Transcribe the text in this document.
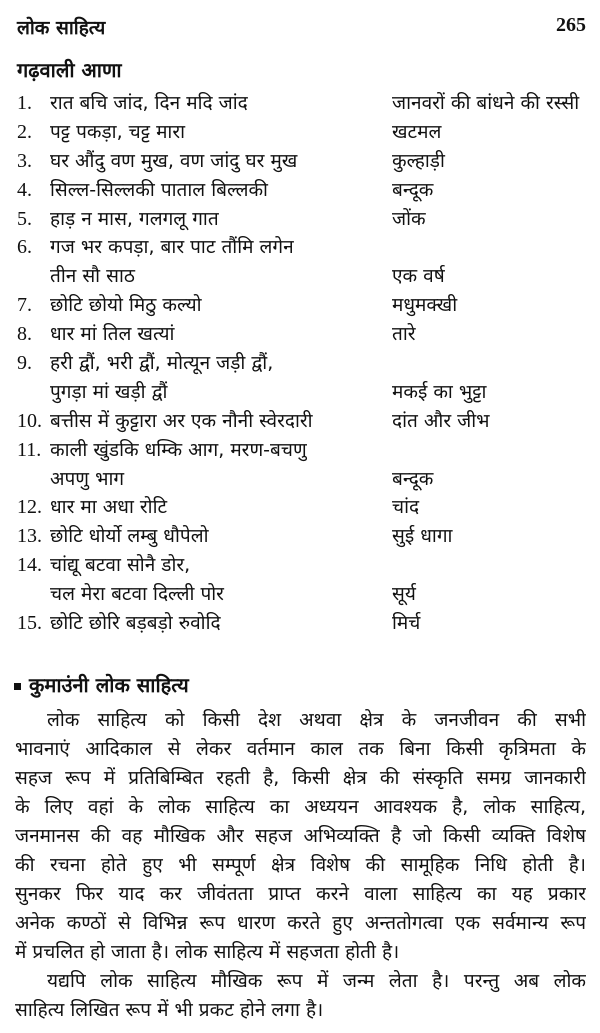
लोक साहित्य	265
गढ़वाली आणा
1. रात बचि जांद, दिन मदि जांद	जानवरों की बांधने की रस्सी
2. पट्ट पकड़ा, चट्ट मारा	खटमल
3. घर औंदु वण मुख, वण जांदु घर मुख	कुल्हाड़ी
4. सिल्ल-सिल्लकी पाताल बिल्लकी	बन्दूक
5. हाड़ न मास, गलगलू गात	जोंक
6. गज भर कपड़ा, बार पाट तौंमि लगेन
तीन सौ साठ	एक वर्ष
7. छोटि छोयो मिठु कल्यो	मधुमक्खी
8. धार मां तिल खत्यां	तारे
9. हरी द्वौं, भरी द्वौं, मोत्यून जड़ी द्वौं,
पुगड़ा मां खड़ी द्वौं	मकई का भुट्टा
10. बत्तीस में कुट्टारा अर एक नौनी स्वेरदारी	दांत और जीभ
11. काली खुंडकि धम्कि आग, मरण-बचणु
अपणु भाग	बन्दूक
12. धार मा अधा रोटि	चांद
13. छोटि धोर्यो लम्बु धौपेलो	सुई धागा
14. चांद्यू बटवा सोनै डोर,
चल मेरा बटवा दिल्ली पोर	सूर्य
15. छोटि छोरि बड़बड़ो रुवोदि	मिर्च
कुमाउंनी लोक साहित्य
लोक साहित्य को किसी देश अथवा क्षेत्र के जनजीवन की सभी
भावनाएं आदिकाल से लेकर वर्तमान काल तक बिना किसी कृत्रिमता के
सहज रूप में प्रतिबिम्बित रहती है, किसी क्षेत्र की संस्कृति समग्र जानकारी
के लिए वहां के लोक साहित्य का अध्ययन आवश्यक है, लोक साहित्य,
जनमानस की वह मौखिक और सहज अभिव्यक्ति है जो किसी व्यक्ति विशेष
की रचना होते हुए भी सम्पूर्ण क्षेत्र विशेष की सामूहिक निधि होती है।
सुनकर फिर याद कर जीवंतता प्राप्त करने वाला साहित्य का यह प्रकार
अनेक कण्ठों से विभिन्न रूप धारण करते हुए अन्ततोगत्वा एक सर्वमान्य रूप
में प्रचलित हो जाता है। लोक साहित्य में सहजता होती है।
यद्यपि लोक साहित्य मौखिक रूप में जन्म लेता है। परन्तु अब लोक
साहित्य लिखित रूप में भी प्रकट होने लगा है।
